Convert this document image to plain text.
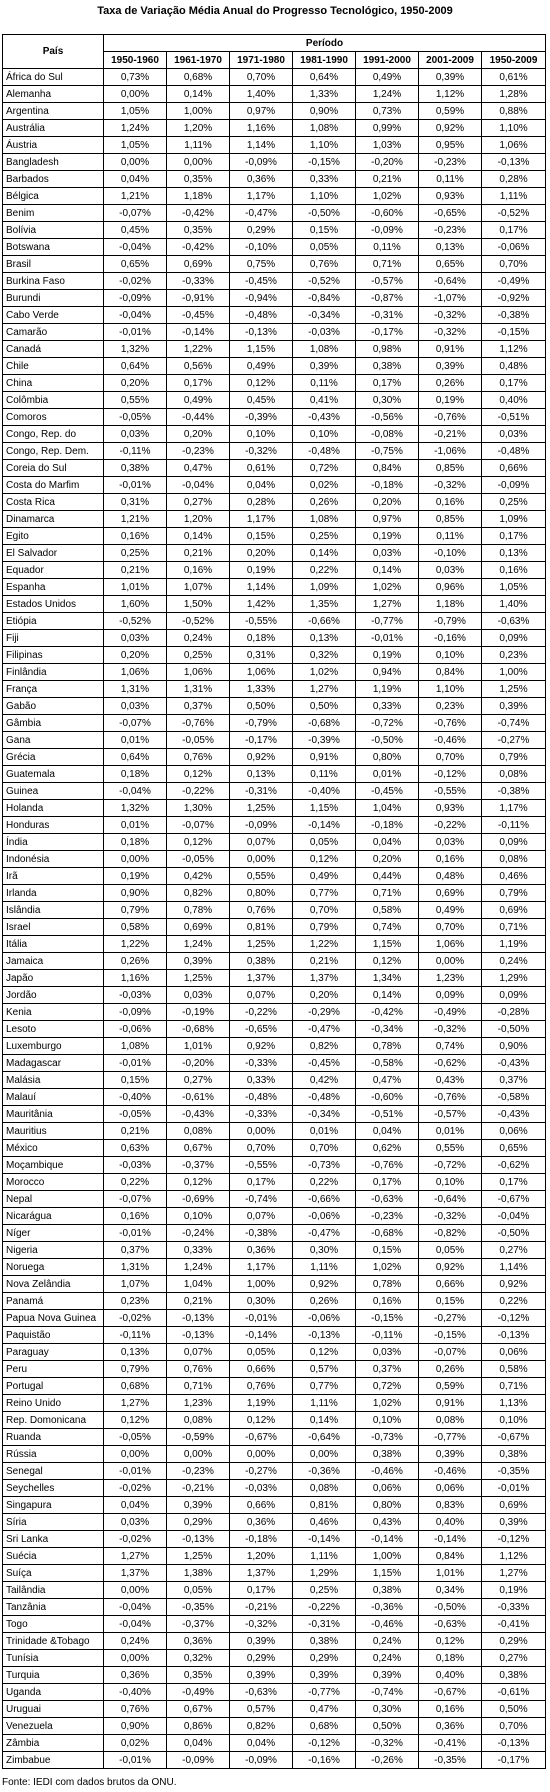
Taxa de Variação Média Anual do Progresso Tecnológico, 1950-2009
País	Período						
	1950-1960	1961-1970	1971-1980	1981-1990	1991-2000	2001-2009	1950-2009
África do Sul	0,73%	0,68%	0,70%	0,64%	0,49%	0,39%	0,61%
Alemanha	0,00%	0,14%	1,40%	1,33%	1,24%	1,12%	1,28%
Argentina	1,05%	1,00%	0,97%	0,90%	0,73%	0,59%	0,88%
Austrália	1,24%	1,20%	1,16%	1,08%	0,99%	0,92%	1,10%
Áustria	1,05%	1,11%	1,14%	1,10%	1,03%	0,95%	1,06%
Bangladesh	0,00%	0,00%	-0,09%	-0,15%	-0,20%	-0,23%	-0,13%
Barbados	0,04%	0,35%	0,36%	0,33%	0,21%	0,11%	0,28%
Bélgica	1,21%	1,18%	1,17%	1,10%	1,02%	0,93%	1,11%
Benim	-0,07%	-0,42%	-0,47%	-0,50%	-0,60%	-0,65%	-0,52%
Bolívia	0,45%	0,35%	0,29%	0,15%	-0,09%	-0,23%	0,17%
Botswana	-0,04%	-0,42%	-0,10%	0,05%	0,11%	0,13%	-0,06%
Brasil	0,65%	0,69%	0,75%	0,76%	0,71%	0,65%	0,70%
Burkina Faso	-0,02%	-0,33%	-0,45%	-0,52%	-0,57%	-0,64%	-0,49%
Burundi	-0,09%	-0,91%	-0,94%	-0,84%	-0,87%	-1,07%	-0,92%
Cabo Verde	-0,04%	-0,45%	-0,48%	-0,34%	-0,31%	-0,32%	-0,38%
Camarão	-0,01%	-0,14%	-0,13%	-0,03%	-0,17%	-0,32%	-0,15%
Canadá	1,32%	1,22%	1,15%	1,08%	0,98%	0,91%	1,12%
Chile	0,64%	0,56%	0,49%	0,39%	0,38%	0,39%	0,48%
China	0,20%	0,17%	0,12%	0,11%	0,17%	0,26%	0,17%
Colômbia	0,55%	0,49%	0,45%	0,41%	0,30%	0,19%	0,40%
Comoros	-0,05%	-0,44%	-0,39%	-0,43%	-0,56%	-0,76%	-0,51%
Congo, Rep. do	0,03%	0,20%	0,10%	0,10%	-0,08%	-0,21%	0,03%
Congo, Rep. Dem.	-0,11%	-0,23%	-0,32%	-0,48%	-0,75%	-1,06%	-0,48%
Coreia do Sul	0,38%	0,47%	0,61%	0,72%	0,84%	0,85%	0,66%
Costa do Marfim	-0,01%	-0,04%	0,04%	0,02%	-0,18%	-0,32%	-0,09%
Costa Rica	0,31%	0,27%	0,28%	0,26%	0,20%	0,16%	0,25%
Dinamarca	1,21%	1,20%	1,17%	1,08%	0,97%	0,85%	1,09%
Egito	0,16%	0,14%	0,15%	0,25%	0,19%	0,11%	0,17%
El Salvador	0,25%	0,21%	0,20%	0,14%	0,03%	-0,10%	0,13%
Equador	0,21%	0,16%	0,19%	0,22%	0,14%	0,03%	0,16%
Espanha	1,01%	1,07%	1,14%	1,09%	1,02%	0,96%	1,05%
Estados Unidos	1,60%	1,50%	1,42%	1,35%	1,27%	1,18%	1,40%
Etiópia	-0,52%	-0,52%	-0,55%	-0,66%	-0,77%	-0,79%	-0,63%
Fiji	0,03%	0,24%	0,18%	0,13%	-0,01%	-0,16%	0,09%
Filipinas	0,20%	0,25%	0,31%	0,32%	0,19%	0,10%	0,23%
Finlândia	1,06%	1,06%	1,06%	1,02%	0,94%	0,84%	1,00%
França	1,31%	1,31%	1,33%	1,27%	1,19%	1,10%	1,25%
Gabão	0,03%	0,37%	0,50%	0,50%	0,33%	0,23%	0,39%
Gâmbia	-0,07%	-0,76%	-0,79%	-0,68%	-0,72%	-0,76%	-0,74%
Gana	0,01%	-0,05%	-0,17%	-0,39%	-0,50%	-0,46%	-0,27%
Grécia	0,64%	0,76%	0,92%	0,91%	0,80%	0,70%	0,79%
Guatemala	0,18%	0,12%	0,13%	0,11%	0,01%	-0,12%	0,08%
Guinea	-0,04%	-0,22%	-0,31%	-0,40%	-0,45%	-0,55%	-0,38%
Holanda	1,32%	1,30%	1,25%	1,15%	1,04%	0,93%	1,17%
Honduras	0,01%	-0,07%	-0,09%	-0,14%	-0,18%	-0,22%	-0,11%
Índia	0,18%	0,12%	0,07%	0,05%	0,04%	0,03%	0,09%
Indonésia	0,00%	-0,05%	0,00%	0,12%	0,20%	0,16%	0,08%
Irã	0,19%	0,42%	0,55%	0,49%	0,44%	0,48%	0,46%
Irlanda	0,90%	0,82%	0,80%	0,77%	0,71%	0,69%	0,79%
Islândia	0,79%	0,78%	0,76%	0,70%	0,58%	0,49%	0,69%
Israel	0,58%	0,69%	0,81%	0,79%	0,74%	0,70%	0,71%
Itália	1,22%	1,24%	1,25%	1,22%	1,15%	1,06%	1,19%
Jamaica	0,26%	0,39%	0,38%	0,21%	0,12%	0,00%	0,24%
Japão	1,16%	1,25%	1,37%	1,37%	1,34%	1,23%	1,29%
Jordão	-0,03%	0,03%	0,07%	0,20%	0,14%	0,09%	0,09%
Kenia	-0,09%	-0,19%	-0,22%	-0,29%	-0,42%	-0,49%	-0,28%
Lesoto	-0,06%	-0,68%	-0,65%	-0,47%	-0,34%	-0,32%	-0,50%
Luxemburgo	1,08%	1,01%	0,92%	0,82%	0,78%	0,74%	0,90%
Madagascar	-0,01%	-0,20%	-0,33%	-0,45%	-0,58%	-0,62%	-0,43%
Malásia	0,15%	0,27%	0,33%	0,42%	0,47%	0,43%	0,37%
Malauí	-0,40%	-0,61%	-0,48%	-0,48%	-0,60%	-0,76%	-0,58%
Mauritânia	-0,05%	-0,43%	-0,33%	-0,34%	-0,51%	-0,57%	-0,43%
Mauritius	0,21%	0,08%	0,00%	0,01%	0,04%	0,01%	0,06%
México	0,63%	0,67%	0,70%	0,70%	0,62%	0,55%	0,65%
Moçambique	-0,03%	-0,37%	-0,55%	-0,73%	-0,76%	-0,72%	-0,62%
Morocco	0,22%	0,12%	0,17%	0,22%	0,17%	0,10%	0,17%
Nepal	-0,07%	-0,69%	-0,74%	-0,66%	-0,63%	-0,64%	-0,67%
Nicarágua	0,16%	0,10%	0,07%	-0,06%	-0,23%	-0,32%	-0,04%
Níger	-0,01%	-0,24%	-0,38%	-0,47%	-0,68%	-0,82%	-0,50%
Nigeria	0,37%	0,33%	0,36%	0,30%	0,15%	0,05%	0,27%
Noruega	1,31%	1,24%	1,17%	1,11%	1,02%	0,92%	1,14%
Nova Zelândia	1,07%	1,04%	1,00%	0,92%	0,78%	0,66%	0,92%
Panamá	0,23%	0,21%	0,30%	0,26%	0,16%	0,15%	0,22%
Papua Nova Guinea	-0,02%	-0,13%	-0,01%	-0,06%	-0,15%	-0,27%	-0,12%
Paquistão	-0,11%	-0,13%	-0,14%	-0,13%	-0,11%	-0,15%	-0,13%
Paraguay	0,13%	0,07%	0,05%	0,12%	0,03%	-0,07%	0,06%
Peru	0,79%	0,76%	0,66%	0,57%	0,37%	0,26%	0,58%
Portugal	0,68%	0,71%	0,76%	0,77%	0,72%	0,59%	0,71%
Reino Unido	1,27%	1,23%	1,19%	1,11%	1,02%	0,91%	1,13%
Rep. Domonicana	0,12%	0,08%	0,12%	0,14%	0,10%	0,08%	0,10%
Ruanda	-0,05%	-0,59%	-0,67%	-0,64%	-0,73%	-0,77%	-0,67%
Rússia	0,00%	0,00%	0,00%	0,00%	0,38%	0,39%	0,38%
Senegal	-0,01%	-0,23%	-0,27%	-0,36%	-0,46%	-0,46%	-0,35%
Seychelles	-0,02%	-0,21%	-0,03%	0,08%	0,06%	0,06%	-0,01%
Singapura	0,04%	0,39%	0,66%	0,81%	0,80%	0,83%	0,69%
Síria	0,03%	0,29%	0,36%	0,46%	0,43%	0,40%	0,39%
Sri Lanka	-0,02%	-0,13%	-0,18%	-0,14%	-0,14%	-0,14%	-0,12%
Suécia	1,27%	1,25%	1,20%	1,11%	1,00%	0,84%	1,12%
Suíça	1,37%	1,38%	1,37%	1,29%	1,15%	1,01%	1,27%
Tailândia	0,00%	0,05%	0,17%	0,25%	0,38%	0,34%	0,19%
Tanzânia	-0,04%	-0,35%	-0,21%	-0,22%	-0,36%	-0,50%	-0,33%
Togo	-0,04%	-0,37%	-0,32%	-0,31%	-0,46%	-0,63%	-0,41%
Trinidade &Tobago	0,24%	0,36%	0,39%	0,38%	0,24%	0,12%	0,29%
Tunísia	0,00%	0,32%	0,29%	0,29%	0,24%	0,18%	0,27%
Turquia	0,36%	0,35%	0,39%	0,39%	0,39%	0,40%	0,38%
Uganda	-0,40%	-0,49%	-0,63%	-0,77%	-0,74%	-0,67%	-0,61%
Uruguai	0,76%	0,67%	0,57%	0,47%	0,30%	0,16%	0,50%
Venezuela	0,90%	0,86%	0,82%	0,68%	0,50%	0,36%	0,70%
Zâmbia	0,02%	0,04%	0,04%	-0,12%	-0,32%	-0,41%	-0,13%
Zimbabue	-0,01%	-0,09%	-0,09%	-0,16%	-0,26%	-0,35%	-0,17%
Fonte: IEDI com dados brutos da ONU.
